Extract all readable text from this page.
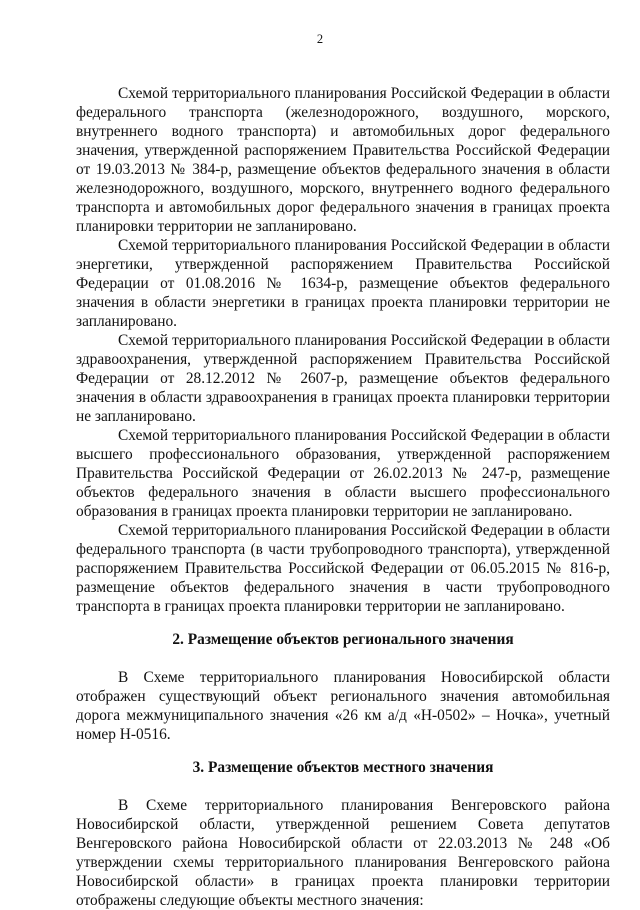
2

Схемой территориального планирования Российской Федерации в области федерального транспорта (железнодорожного, воздушного, морского, внутреннего водного транспорта) и автомобильных дорог федерального значения, утвержденной распоряжением Правительства Российской Федерации от 19.03.2013 № 384-р, размещение объектов федерального значения в области железнодорожного, воздушного, морского, внутреннего водного федерального транспорта и автомобильных дорог федерального значения в границах проекта планировки территории не запланировано.

Схемой территориального планирования Российской Федерации в области энергетики, утвержденной распоряжением Правительства Российской Федерации от 01.08.2016 № 1634-р, размещение объектов федерального значения в области энергетики в границах проекта планировки территории не запланировано.

Схемой территориального планирования Российской Федерации в области здравоохранения, утвержденной распоряжением Правительства Российской Федерации от 28.12.2012 № 2607-р, размещение объектов федерального значения в области здравоохранения в границах проекта планировки территории не запланировано.

Схемой территориального планирования Российской Федерации в области высшего профессионального образования, утвержденной распоряжением Правительства Российской Федерации от 26.02.2013 № 247-р, размещение объектов федерального значения в области высшего профессионального образования в границах проекта планировки территории не запланировано.

Схемой территориального планирования Российской Федерации в области федерального транспорта (в части трубопроводного транспорта), утвержденной распоряжением Правительства Российской Федерации от 06.05.2015 № 816-р, размещение объектов федерального значения в части трубопроводного транспорта в границах проекта планировки территории не запланировано.

2. Размещение объектов регионального значения

В Схеме территориального планирования Новосибирской области отображен существующий объект регионального значения автомобильная дорога межмуниципального значения «26 км а/д «Н-0502» – Ночка», учетный номер Н-0516.

3. Размещение объектов местного значения

В Схеме территориального планирования Венгеровского района Новосибирской области, утвержденной решением Совета депутатов Венгеровского района Новосибирской области от 22.03.2013 № 248 «Об утверждении схемы территориального планирования Венгеровского района Новосибирской области» в границах проекта планировки территории отображены следующие объекты местного значения:
